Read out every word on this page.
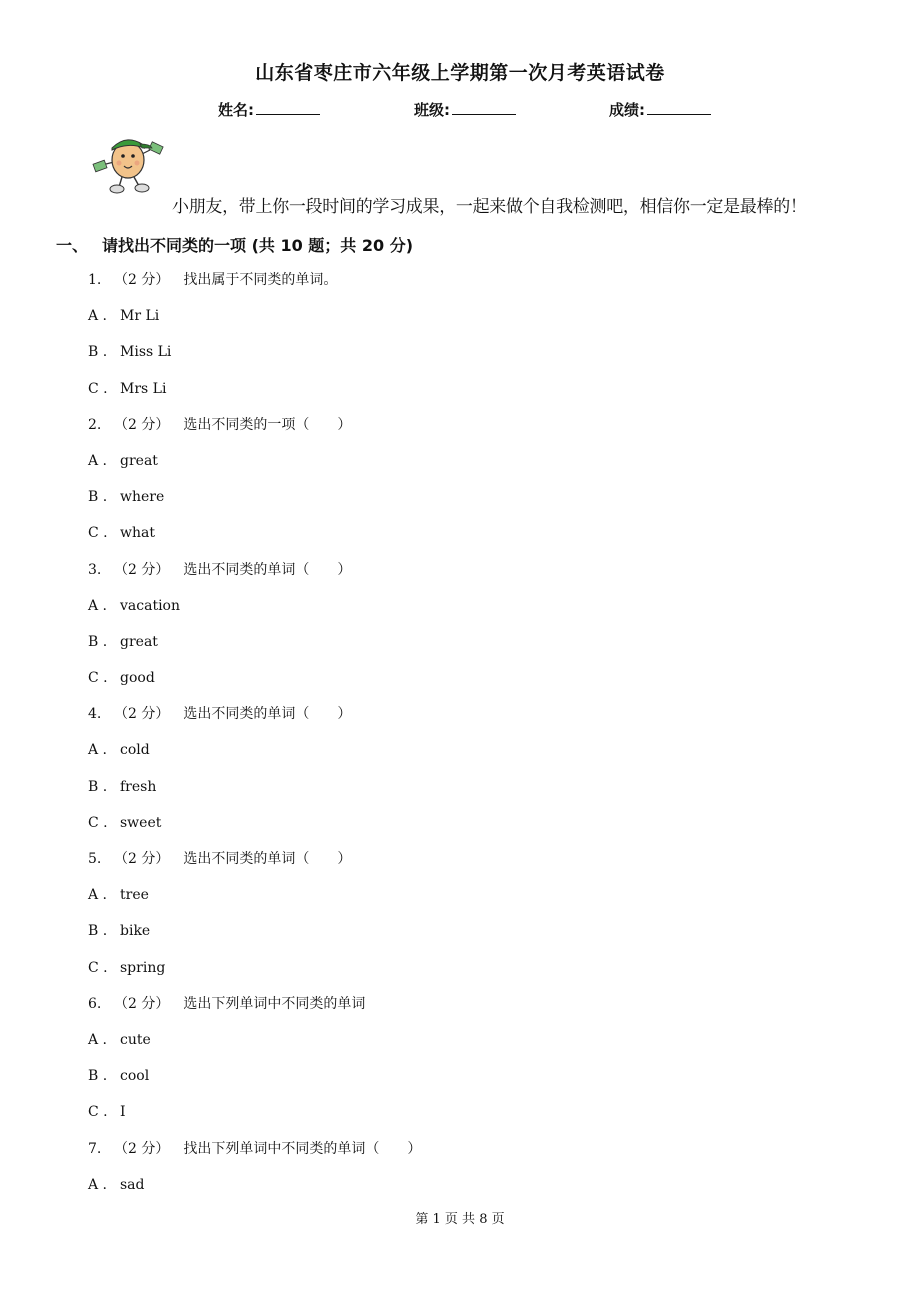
山东省枣庄市六年级上学期第一次月考英语试卷
姓名:	班级:	成绩:
小朋友，带上你一段时间的学习成果，一起来做个自我检测吧，相信你一定是最棒的！
一、 请找出不同类的一项 (共 10 题；共 20 分)
1. （2 分） 找出属于不同类的单词。
A . Mr Li
B . Miss Li
C . Mrs Li
2. （2 分） 选出不同类的一项（　　）
A . great
B . where
C . what
3. （2 分） 选出不同类的单词（　　）
A . vacation
B . great
C . good
4. （2 分） 选出不同类的单词（　　）
A . cold
B . fresh
C . sweet
5. （2 分） 选出不同类的单词（　　）
A . tree
B . bike
C . spring
6. （2 分） 选出下列单词中不同类的单词
A . cute
B . cool
C . I
7. （2 分） 找出下列单词中不同类的单词（　　）
A . sad
第 1 页 共 8 页
